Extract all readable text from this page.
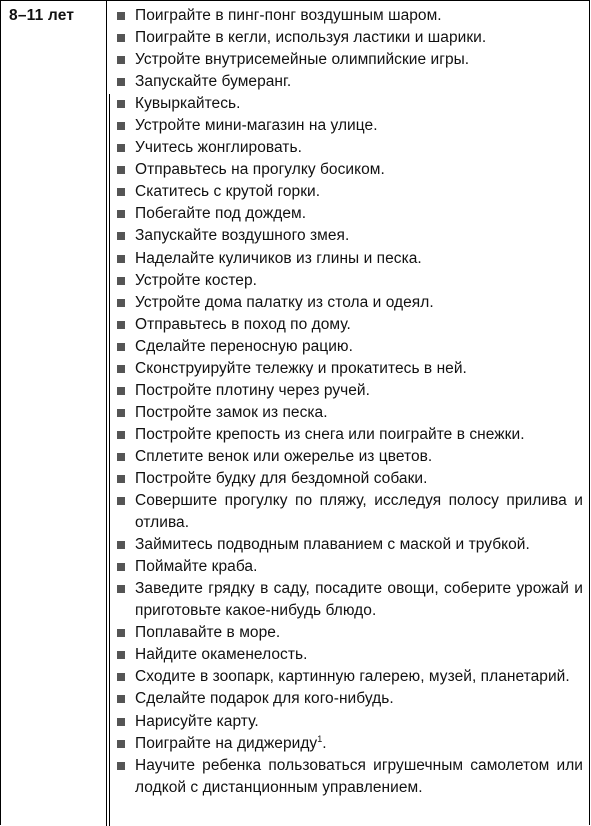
8–11 лет	Поиграйте в пинг-понг воздушным шаром.
Поиграйте в кегли, используя ластики и шарики.
Устройте внутрисемейные олимпийские игры.
Запускайте бумеранг.
Кувыркайтесь.
Устройте мини-магазин на улице.
Учитесь жонглировать.
Отправьтесь на прогулку босиком.
Скатитесь с крутой горки.
Побегайте под дождем.
Запускайте воздушного змея.
Наделайте куличиков из глины и песка.
Устройте костер.
Устройте дома палатку из стола и одеял.
Отправьтесь в поход по дому.
Сделайте переносную рацию.
Сконструируйте тележку и прокатитесь в ней.
Постройте плотину через ручей.
Постройте замок из песка.
Постройте крепость из снега или поиграйте в снежки.
Сплетите венок или ожерелье из цветов.
Постройте будку для бездомной собаки.
Совершите прогулку по пляжу, исследуя полосу прилива и отлива.
Займитесь подводным плаванием с маской и трубкой.
Поймайте краба.
Заведите грядку в саду, посадите овощи, соберите урожай и приготовьте какое-нибудь блюдо.
Поплавайте в море.
Найдите окаменелость.
Сходите в зоопарк, картинную галерею, музей, планетарий.
Сделайте подарок для кого-нибудь.
Нарисуйте карту.
Поиграйте на диджериду$^1$.
Научите ребенка пользоваться игрушечным самолетом или лодкой с дистанционным управлением.
